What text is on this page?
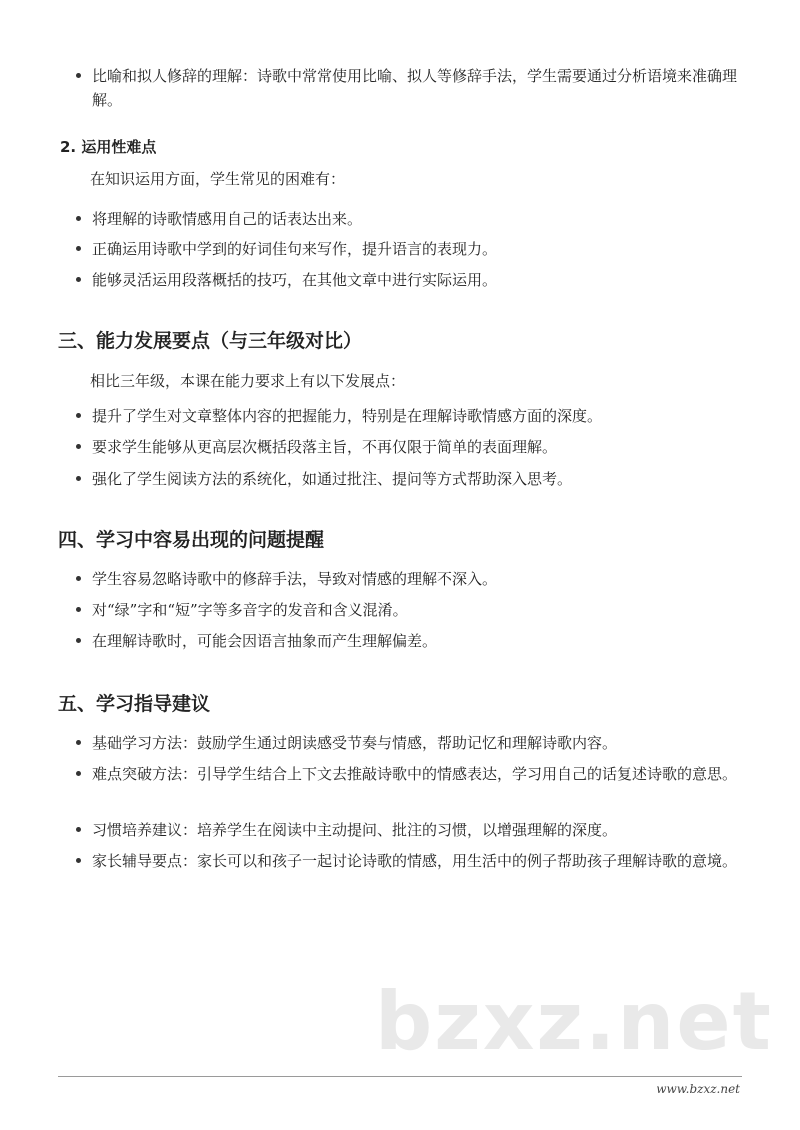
比喻和拟人修辞的理解：诗歌中常常使用比喻、拟人等修辞手法，学生需要通过分析语境来准确理解。
2. 运用性难点
在知识运用方面，学生常见的困难有：
将理解的诗歌情感用自己的话表达出来。
正确运用诗歌中学到的好词佳句来写作，提升语言的表现力。
能够灵活运用段落概括的技巧，在其他文章中进行实际运用。
三、能力发展要点（与三年级对比）
相比三年级，本课在能力要求上有以下发展点：
提升了学生对文章整体内容的把握能力，特别是在理解诗歌情感方面的深度。
要求学生能够从更高层次概括段落主旨，不再仅限于简单的表面理解。
强化了学生阅读方法的系统化，如通过批注、提问等方式帮助深入思考。
四、学习中容易出现的问题提醒
学生容易忽略诗歌中的修辞手法，导致对情感的理解不深入。
对“绿”字和“短”字等多音字的发音和含义混淆。
在理解诗歌时，可能会因语言抽象而产生理解偏差。
五、学习指导建议
基础学习方法：鼓励学生通过朗读感受节奏与情感，帮助记忆和理解诗歌内容。
难点突破方法：引导学生结合上下文去推敲诗歌中的情感表达，学习用自己的话复述诗歌的意思。
习惯培养建议：培养学生在阅读中主动提问、批注的习惯，以增强理解的深度。
家长辅导要点：家长可以和孩子一起讨论诗歌的情感，用生活中的例子帮助孩子理解诗歌的意境。
bzxz.net
www.bzxz.net
